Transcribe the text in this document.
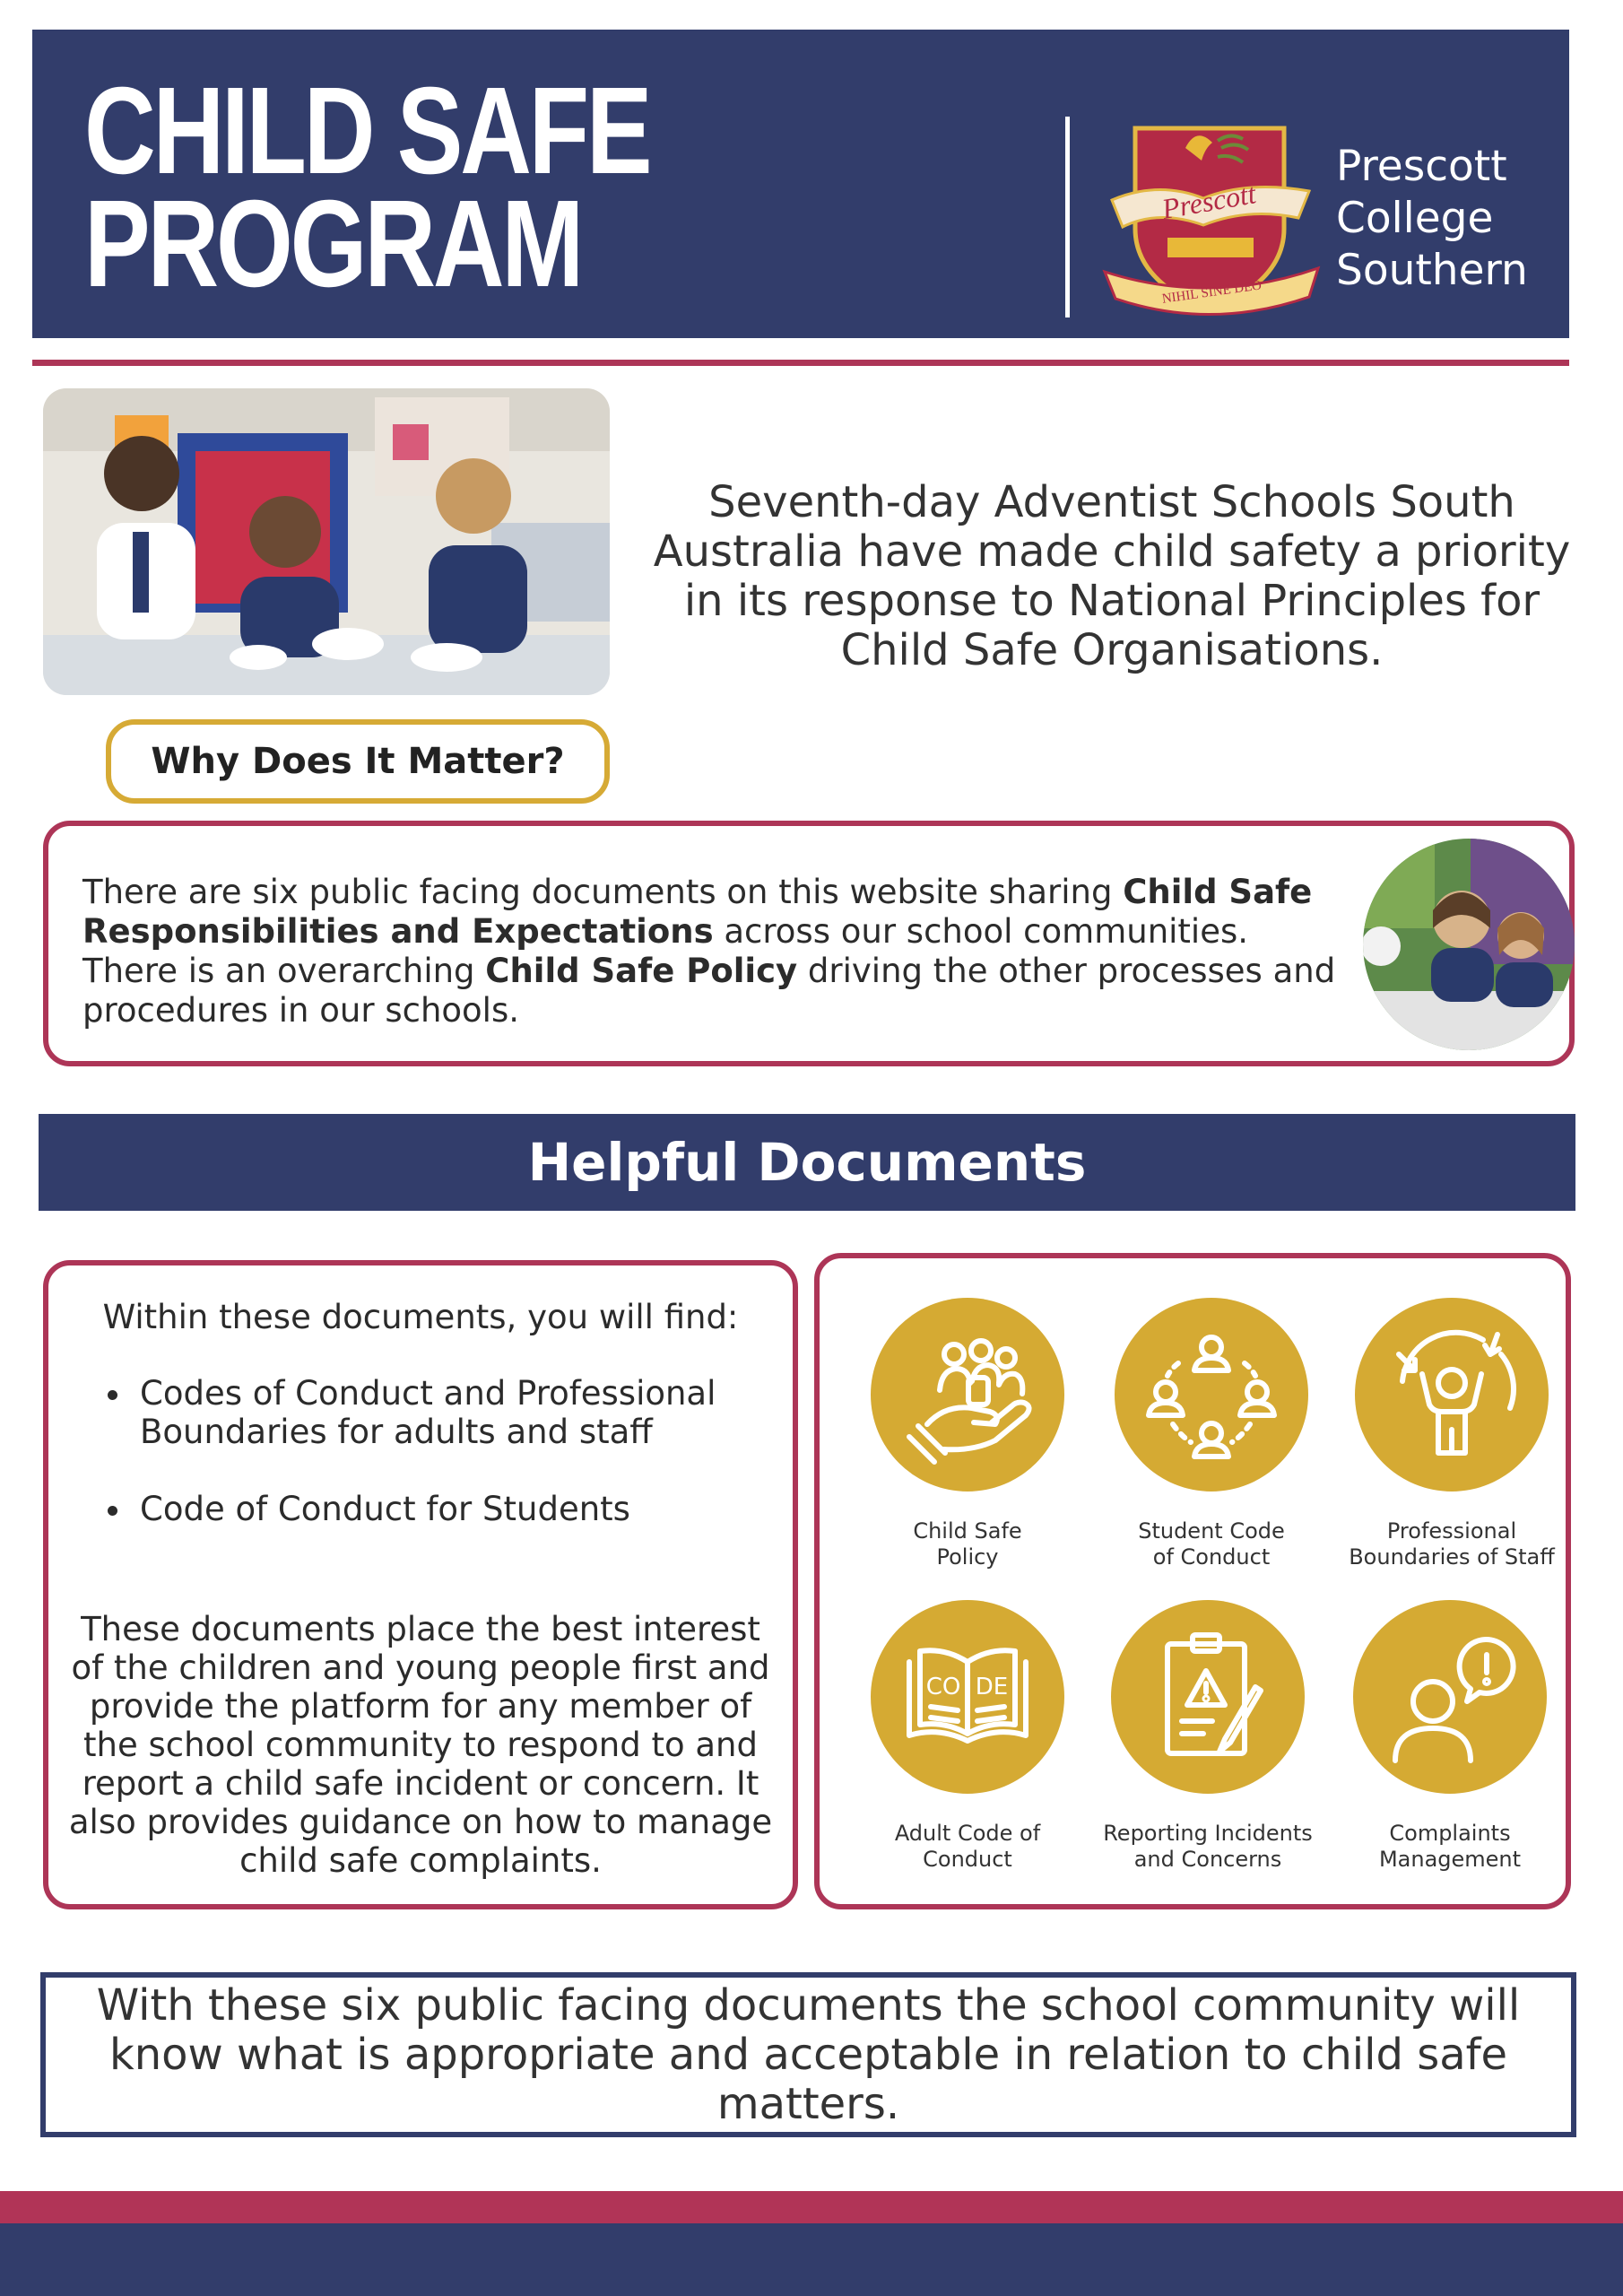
CHILD SAFE
PROGRAM	Prescott
NIHIL SINE DEO
Prescott
College
Southern
Seventh-day Adventist Schools South Australia have made child safety a priority in its response to National Principles for Child Safe Organisations.
Why Does It Matter?

There are six public facing documents on this website sharing Child Safe Responsibilities and Expectations across our school communities. There is an overarching Child Safe Policy driving the other processes and procedures in our schools.

Helpful Documents
Within these documents, you will find:
Codes of Conduct and Professional Boundaries for adults and staff
Code of Conduct for Students
These documents place the best interest of the children and young people first and provide the platform for any member of the school community to respond to and report a child safe incident or concern. It also provides guidance on how to manage child safe complaints.
Child Safe
Policy
Student Code
of Conduct
Professional
Boundaries of Staff
CO DE
Adult Code of
Conduct
Reporting Incidents
and Concerns
Complaints
Management
With these six public facing documents the school community will know what is appropriate and acceptable in relation to child safe matters.
